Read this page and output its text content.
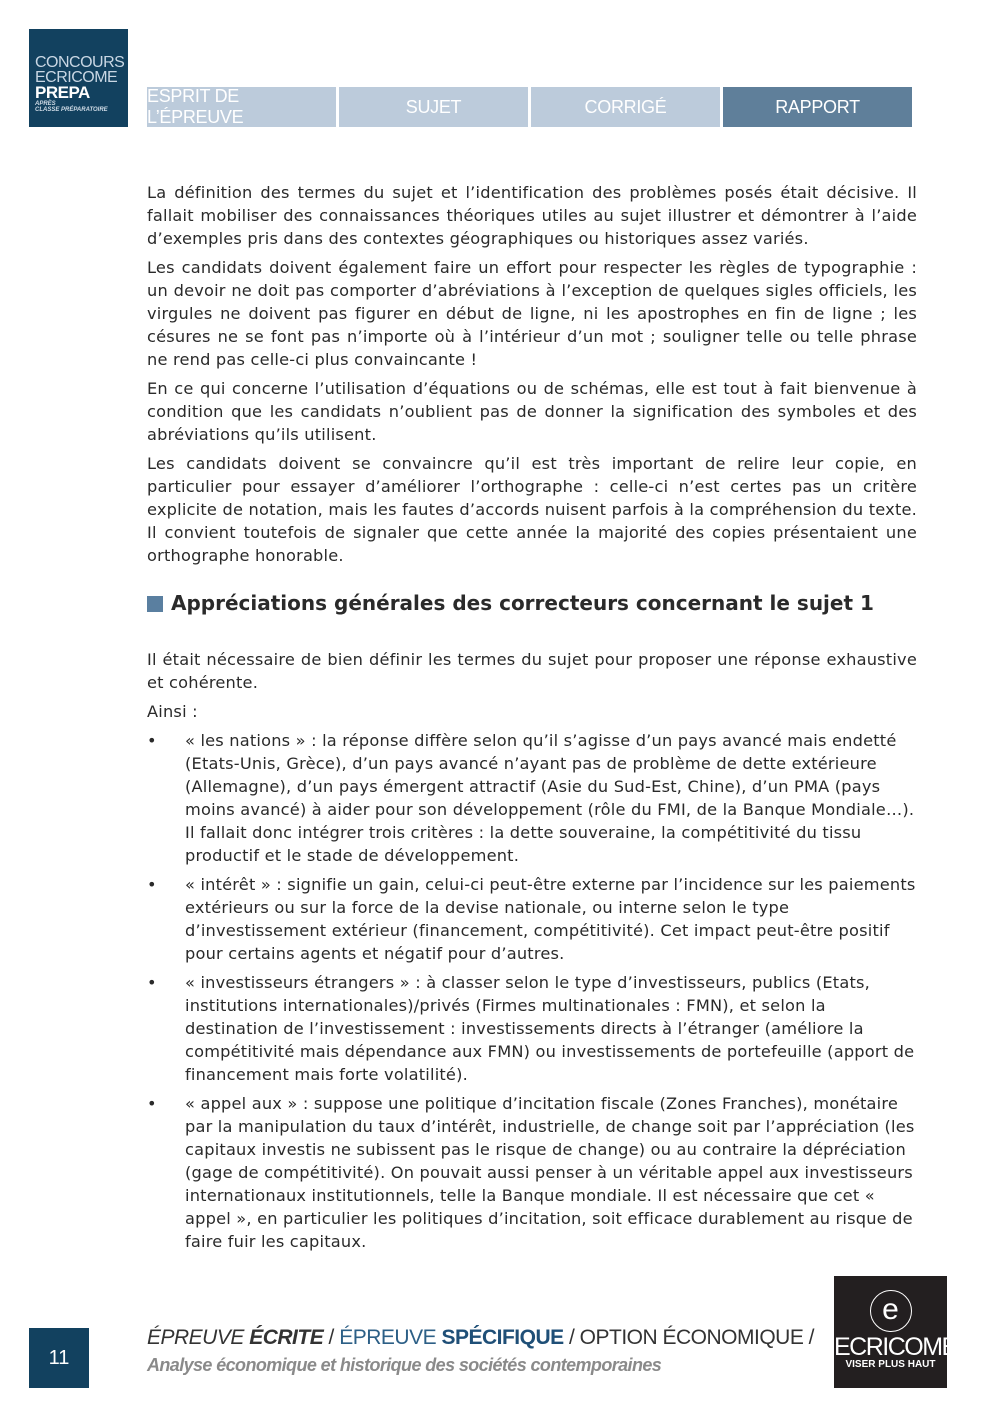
CONCOURS
ECRICOME
PREPA
APRÈS
CLASSE PRÉPARATOIRE
ESPRIT DE L’ÉPREUVE
SUJET	CORRIGÉ	RAPPORT

La définition des termes du sujet et l’identification des problèmes posés était décisive. Il fallait mobiliser des connaissances théoriques utiles au sujet illustrer et démontrer à l’aide d’exemples pris dans des contextes géographiques ou historiques assez variés.

Les candidats doivent également faire un effort pour respecter les règles de typographie : un devoir ne doit pas comporter d’abréviations à l’exception de quelques sigles officiels, les virgules ne doivent pas figurer en début de ligne, ni les apostrophes en fin de ligne ; les césures ne se font pas n’importe où à l’intérieur d’un mot ; souligner telle ou telle phrase ne rend pas celle-ci plus convaincante !

En ce qui concerne l’utilisation d’équations ou de schémas, elle est tout à fait bienvenue à condition que les candidats n’oublient pas de donner la signification des symboles et des abréviations qu’ils utilisent.

Les candidats doivent se convaincre qu’il est très important de relire leur copie, en particulier pour essayer d’améliorer l’orthographe : celle-ci n’est certes pas un critère explicite de notation, mais les fautes d’accords nuisent parfois à la compréhension du texte. Il convient toutefois de signaler que cette année la majorité des copies présentaient une orthographe honorable.

Appréciations générales des correcteurs concernant le sujet 1

Il était nécessaire de bien définir les termes du sujet pour proposer une réponse exhaustive et cohérente.

Ainsi :

• « les nations » : la réponse diffère selon qu’il s’agisse d’un pays avancé mais endetté (Etats-Unis, Grèce), d’un pays avancé n’ayant pas de problème de dette extérieure (Allemagne), d’un pays émergent attractif (Asie du Sud-Est, Chine), d’un PMA (pays moins avancé) à aider pour son développement (rôle du FMI, de la Banque Mondiale…). Il fallait donc intégrer trois critères : la dette souveraine, la compétitivité du tissu productif et le stade de développement.
• « intérêt » : signifie un gain, celui-ci peut-être externe par l’incidence sur les paiements extérieurs ou sur la force de la devise nationale, ou interne selon le type d’investissement extérieur (financement, compétitivité). Cet impact peut-être positif pour certains agents et négatif pour d’autres.
• « investisseurs étrangers » : à classer selon le type d’investisseurs, publics (Etats, institutions internationales)/privés (Firmes multinationales : FMN), et selon la destination de l’investissement : investissements directs à l’étranger (améliore la compétitivité mais dépendance aux FMN) ou investissements de portefeuille (apport de financement mais forte volatilité).
• « appel aux » : suppose une politique d’incitation fiscale (Zones Franches), monétaire par la manipulation du taux d’intérêt, industrielle, de change soit par l’appréciation (les capitaux investis ne subissent pas le risque de change) ou au contraire la dépréciation (gage de compétitivité). On pouvait aussi penser à un véritable appel aux investisseurs internationaux institutionnels, telle la Banque mondiale. Il est nécessaire que cet « appel », en particulier les politiques d’incitation, soit efficace durablement au risque de faire fuir les capitaux.
11
ÉPREUVE ÉCRITE / ÉPREUVE SPÉCIFIQUE / OPTION ÉCONOMIQUE /
Analyse économique et historique des sociétés contemporaines
e
ECRICOME
VISER PLUS HAUT
